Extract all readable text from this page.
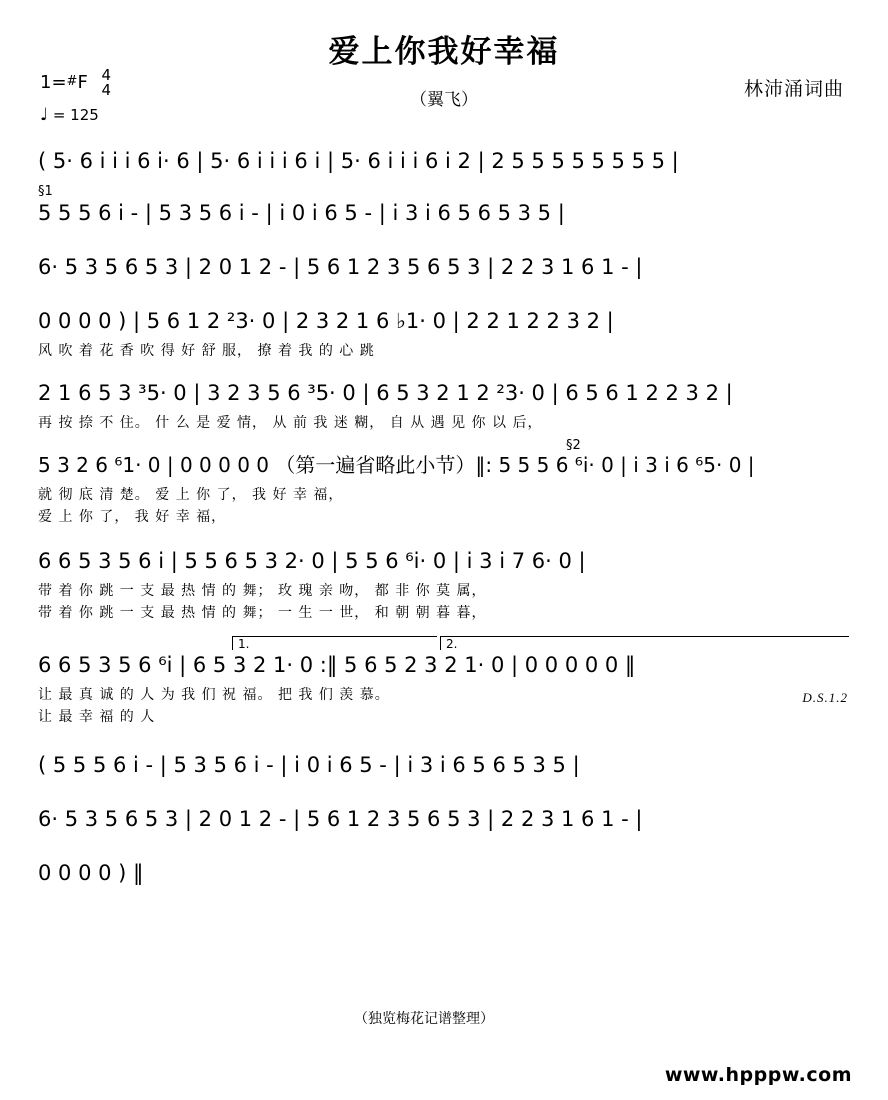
爱上你我好幸福
（翼飞）	林沛涌词曲
1=#F 4
4
♩ = 125
( 5· 6 i i i 6 i· 6 | 5· 6 i i i 6 i | 5· 6 i i i 6 i 2 | 2 5 5 5 5 5 5 5 5 |
§1
5 5 5 6 i - | 5 3 5 6 i - | i 0 i 6 5 - | i 3 i 6 5 6 5 3 5 |
6· 5 3 5 6 5 3 | 2 0 1 2 - | 5 6 1 2 3 5 6 5 3 | 2 2 3 1 6 1 - |
0 0 0 0 ) | 5 6 1 2 ²3· 0 | 2 3 2 1 6 ♭1· 0 | 2 2 1 2 2 3 2 |
风 吹 着 花 香 吹 得 好 舒 服， 撩 着 我 的 心 跳
2 1 6 5 3 ³5· 0 | 3 2 3 5 6 ³5· 0 | 6 5 3 2 1 2 ²3· 0 | 6 5 6 1 2 2 3 2 |
再 按 捺 不 住。 什 么 是 爱 情， 从 前 我 迷 糊， 自 从 遇 见 你 以 后，
§2
5 3 2 6 ⁶1· 0 | 0 0 0 0 0 （第一遍省略此小节）‖: 5 5 5 6 ⁶i· 0 | i 3 i 6 ⁶5· 0 |
就 彻 底 清 楚。 爱 上 你 了， 我 好 幸 福，
爱 上 你 了， 我 好 幸 福，
6 6 5 3 5 6 i | 5 5 6 5 3 2· 0 | 5 5 6 ⁶i· 0 | i 3 i 7 6· 0 |
带 着 你 跳 一 支 最 热 情 的 舞； 玫 瑰 亲 吻， 都 非 你 莫 属，
带 着 你 跳 一 支 最 热 情 的 舞； 一 生 一 世， 和 朝 朝 暮 暮，
1.	2.
6 6 5 3 5 6 ⁶i | 6 5 3 2 1· 0 :‖ 5 6 5 2 3 2 1· 0 | 0 0 0 0 0 ‖
让 最 真 诚 的 人 为 我 们 祝 福。 把 我 们 羡 慕。
让 最 幸 福 的 人
D.S.1.2
( 5 5 5 6 i - | 5 3 5 6 i - | i 0 i 6 5 - | i 3 i 6 5 6 5 3 5 |
6· 5 3 5 6 5 3 | 2 0 1 2 - | 5 6 1 2 3 5 6 5 3 | 2 2 3 1 6 1 - |
0 0 0 0 ) ‖
（独览梅花记谱整理）
www.hpppw.com
